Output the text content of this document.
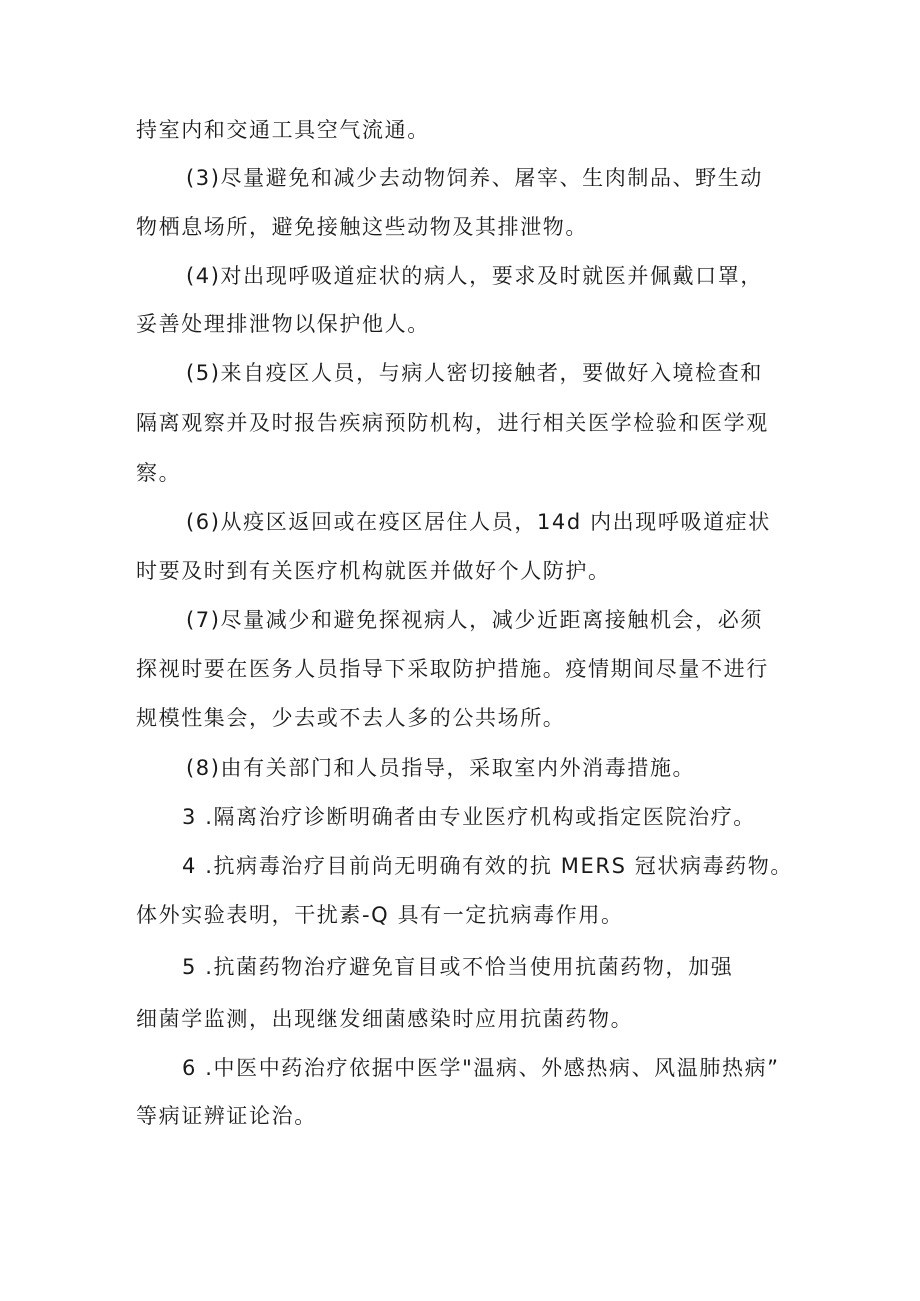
持室内和交通工具空气流通。
(3)尽量避免和减少去动物饲养、屠宰、生肉制品、野生动
物栖息场所，避免接触这些动物及其排泄物。
(4)对出现呼吸道症状的病人，要求及时就医并佩戴口罩，
妥善处理排泄物以保护他人。
(5)来自疫区人员，与病人密切接触者，要做好入境检查和
隔离观察并及时报告疾病预防机构，进行相关医学检验和医学观
察。
(6)从疫区返回或在疫区居住人员，14d 内出现呼吸道症状
时要及时到有关医疗机构就医并做好个人防护。
(7)尽量减少和避免探视病人，减少近距离接触机会，必须
探视时要在医务人员指导下采取防护措施。疫情期间尽量不进行
规模性集会，少去或不去人多的公共场所。
(8)由有关部门和人员指导，采取室内外消毒措施。
3 .隔离治疗诊断明确者由专业医疗机构或指定医院治疗。
4 .抗病毒治疗目前尚无明确有效的抗 MERS 冠状病毒药物。
体外实验表明，干扰素-Q 具有一定抗病毒作用。
5 .抗菌药物治疗避免盲目或不恰当使用抗菌药物，加强
细菌学监测，出现继发细菌感染时应用抗菌药物。
6 .中医中药治疗依据中医学"温病、外感热病、风温肺热病”
等病证辨证论治。
